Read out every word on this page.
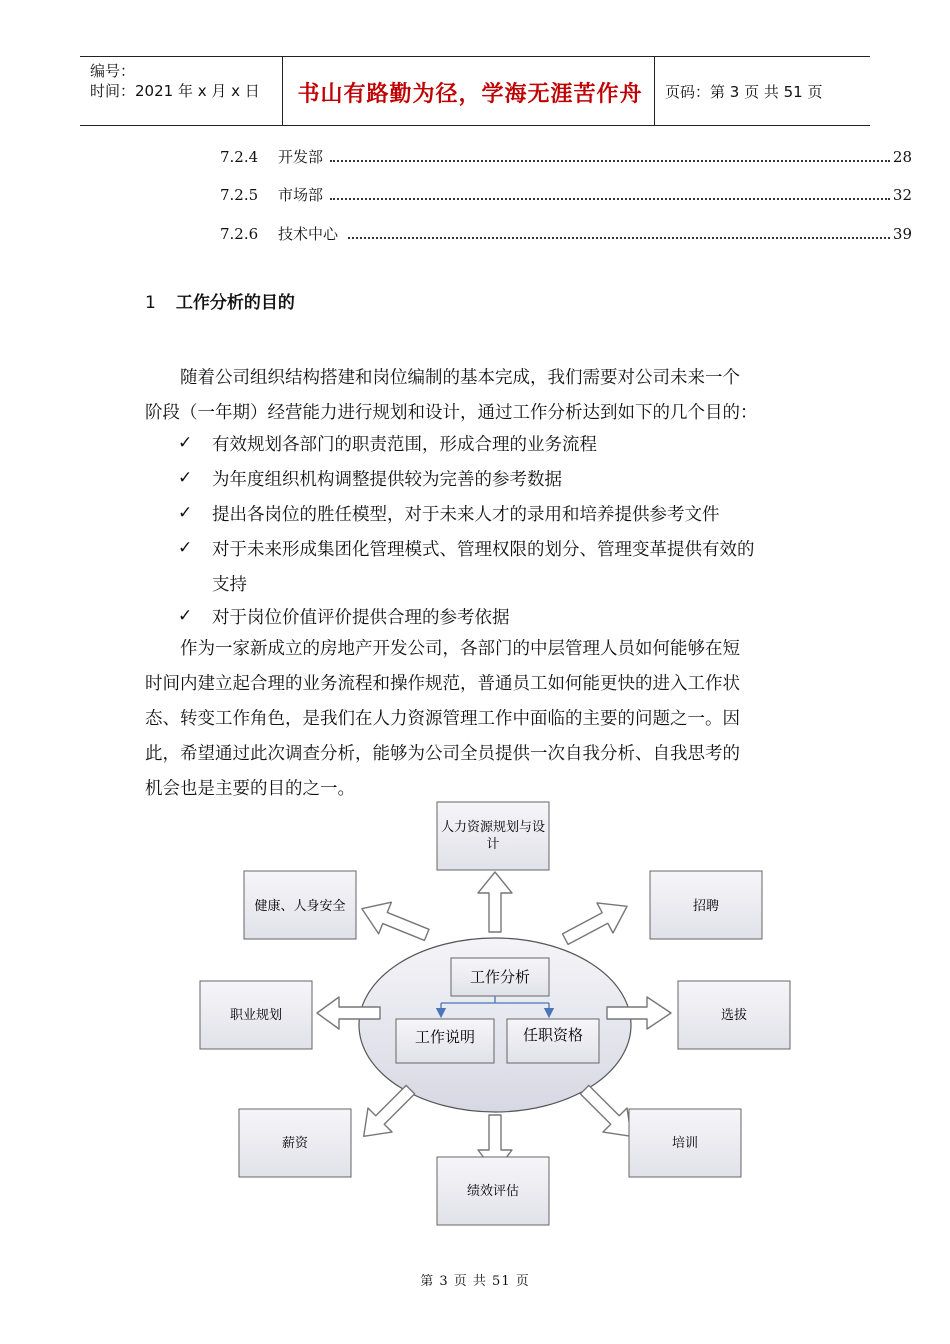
编号：
时间：2021 年 x 月 x 日	书山有路勤为径，学海无涯苦作舟	页码：第 3 页 共 51 页
7.2.4 开发部	28
7.2.5 市场部	32
7.2.6 技术中心	39
1 工作分析的目的
随着公司组织结构搭建和岗位编制的基本完成，我们需要对公司未来一个
阶段（一年期）经营能力进行规划和设计，通过工作分析达到如下的几个目的：
✓ 有效规划各部门的职责范围，形成合理的业务流程
✓ 为年度组织机构调整提供较为完善的参考数据
✓ 提出各岗位的胜任模型，对于未来人才的录用和培养提供参考文件
✓ 对于未来形成集团化管理模式、管理权限的划分、管理变革提供有效的
支持
✓ 对于岗位价值评价提供合理的参考依据
作为一家新成立的房地产开发公司，各部门的中层管理人员如何能够在短
时间内建立起合理的业务流程和操作规范，普通员工如何能更快的进入工作状
态、转变工作角色，是我们在人力资源管理工作中面临的主要的问题之一。因
此，希望通过此次调查分析，能够为公司全员提供一次自我分析、自我思考的
机会也是主要的目的之一。
工作分析
工作说明	任职资格
人力资源规划与设
计
健康、人身安全	招聘
职业规划	选拔
薪资	培训
绩效评估
第 3 页 共 51 页
